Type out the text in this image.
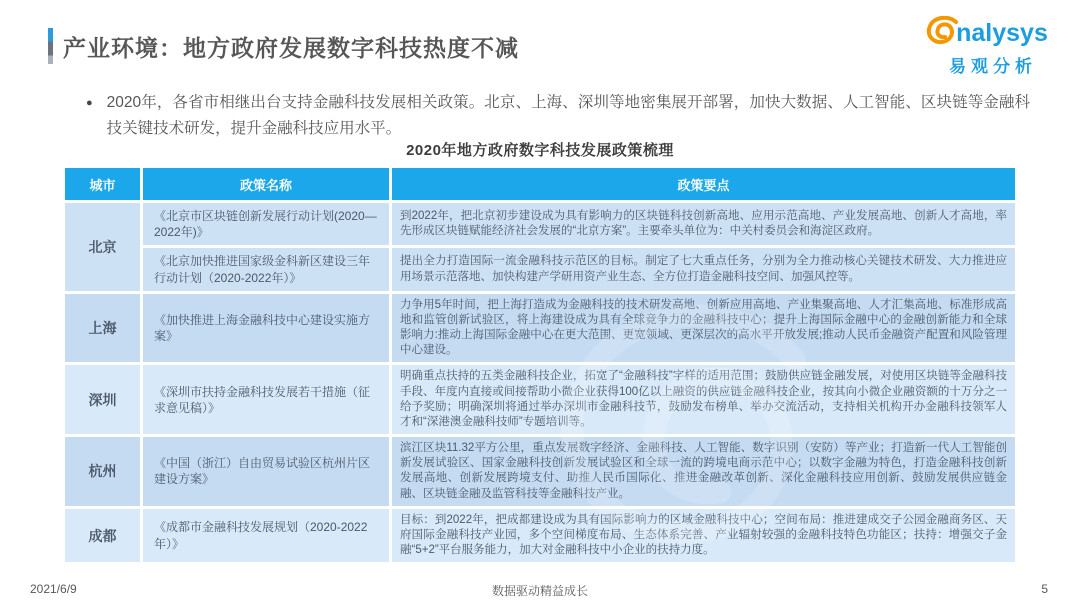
产业环境：地方政府发展数字科技热度不减
nalysys
易观分析
● 2020年，各省市相继出台支持金融科技发展相关政策。北京、上海、深圳等地密集展开部署，加快大数据、人工智能、区块链等金融科技关键技术研发，提升金融科技应用水平。
2020年地方政府数字科技发展政策梳理
城市	政策名称	政策要点
北京	《北京市区块链创新发展行动计划(2020—2022年)》	到2022年，把北京初步建设成为具有影响力的区块链科技创新高地、应用示范高地、产业发展高地、创新人才高地，率先形成区块链赋能经济社会发展的“北京方案”。主要牵头单位为：中关村委员会和海淀区政府。
	《北京加快推进国家级金科新区建设三年行动计划（2020-2022年）》	提出全力打造国际一流金融科技示范区的目标。制定了七大重点任务，分别为全力推动核心关键技术研发、大力推进应用场景示范落地、加快构建产学研用资产业生态、全方位打造金融科技空间、加强风控等。
上海	《加快推进上海金融科技中心建设实施方案》	力争用5年时间，把上海打造成为金融科技的技术研发高地、创新应用高地、产业集聚高地、人才汇集高地、标准形成高地和监管创新试验区，将上海建设成为具有全球竞争力的金融科技中心；提升上海国际金融中心的金融创新能力和全球影响力:推动上海国际金融中心在更大范围、更宽领域、更深层次的高水平开放发展;推动人民币金融资产配置和风险管理中心建设。
深圳	《深圳市扶持金融科技发展若干措施（征求意见稿）》	明确重点扶持的五类金融科技企业，拓宽了“金融科技”字样的适用范围；鼓励供应链金融发展，对使用区块链等金融科技手段、年度内直接或间接帮助小微企业获得100亿以上融资的供应链金融科技企业，按其向小微企业融资额的十万分之一给予奖励；明确深圳将通过举办深圳市金融科技节，鼓励发布榜单、举办交流活动，支持相关机构开办金融科技领军人才和“深港澳金融科技师”专题培训等。
杭州	《中国（浙江）自由贸易试验区杭州片区建设方案》	滨江区块11.32平方公里，重点发展数字经济、金融科技、人工智能、数字识别（安防）等产业；打造新一代人工智能创新发展试验区、国家金融科技创新发展试验区和全球一流的跨境电商示范中心；以数字金融为特色，打造金融科技创新发展高地、创新发展跨境支付、助推人民币国际化、推进金融改革创新、深化金融科技应用创新、鼓励发展供应链金融、区块链金融及监管科技等金融科技产业。
成都	《成都市金融科技发展规划（2020-2022年）》	目标：到2022年，把成都建设成为具有国际影响力的区域金融科技中心；空间布局：推进建成交子公园金融商务区、天府国际金融科技产业园，多个空间梯度布局、生态体系完善、产业辐射较强的金融科技特色功能区；扶持：增强交子金融“5+2”平台服务能力，加大对金融科技中小企业的扶持力度。
2021/6/9	数据驱动精益成长	5
